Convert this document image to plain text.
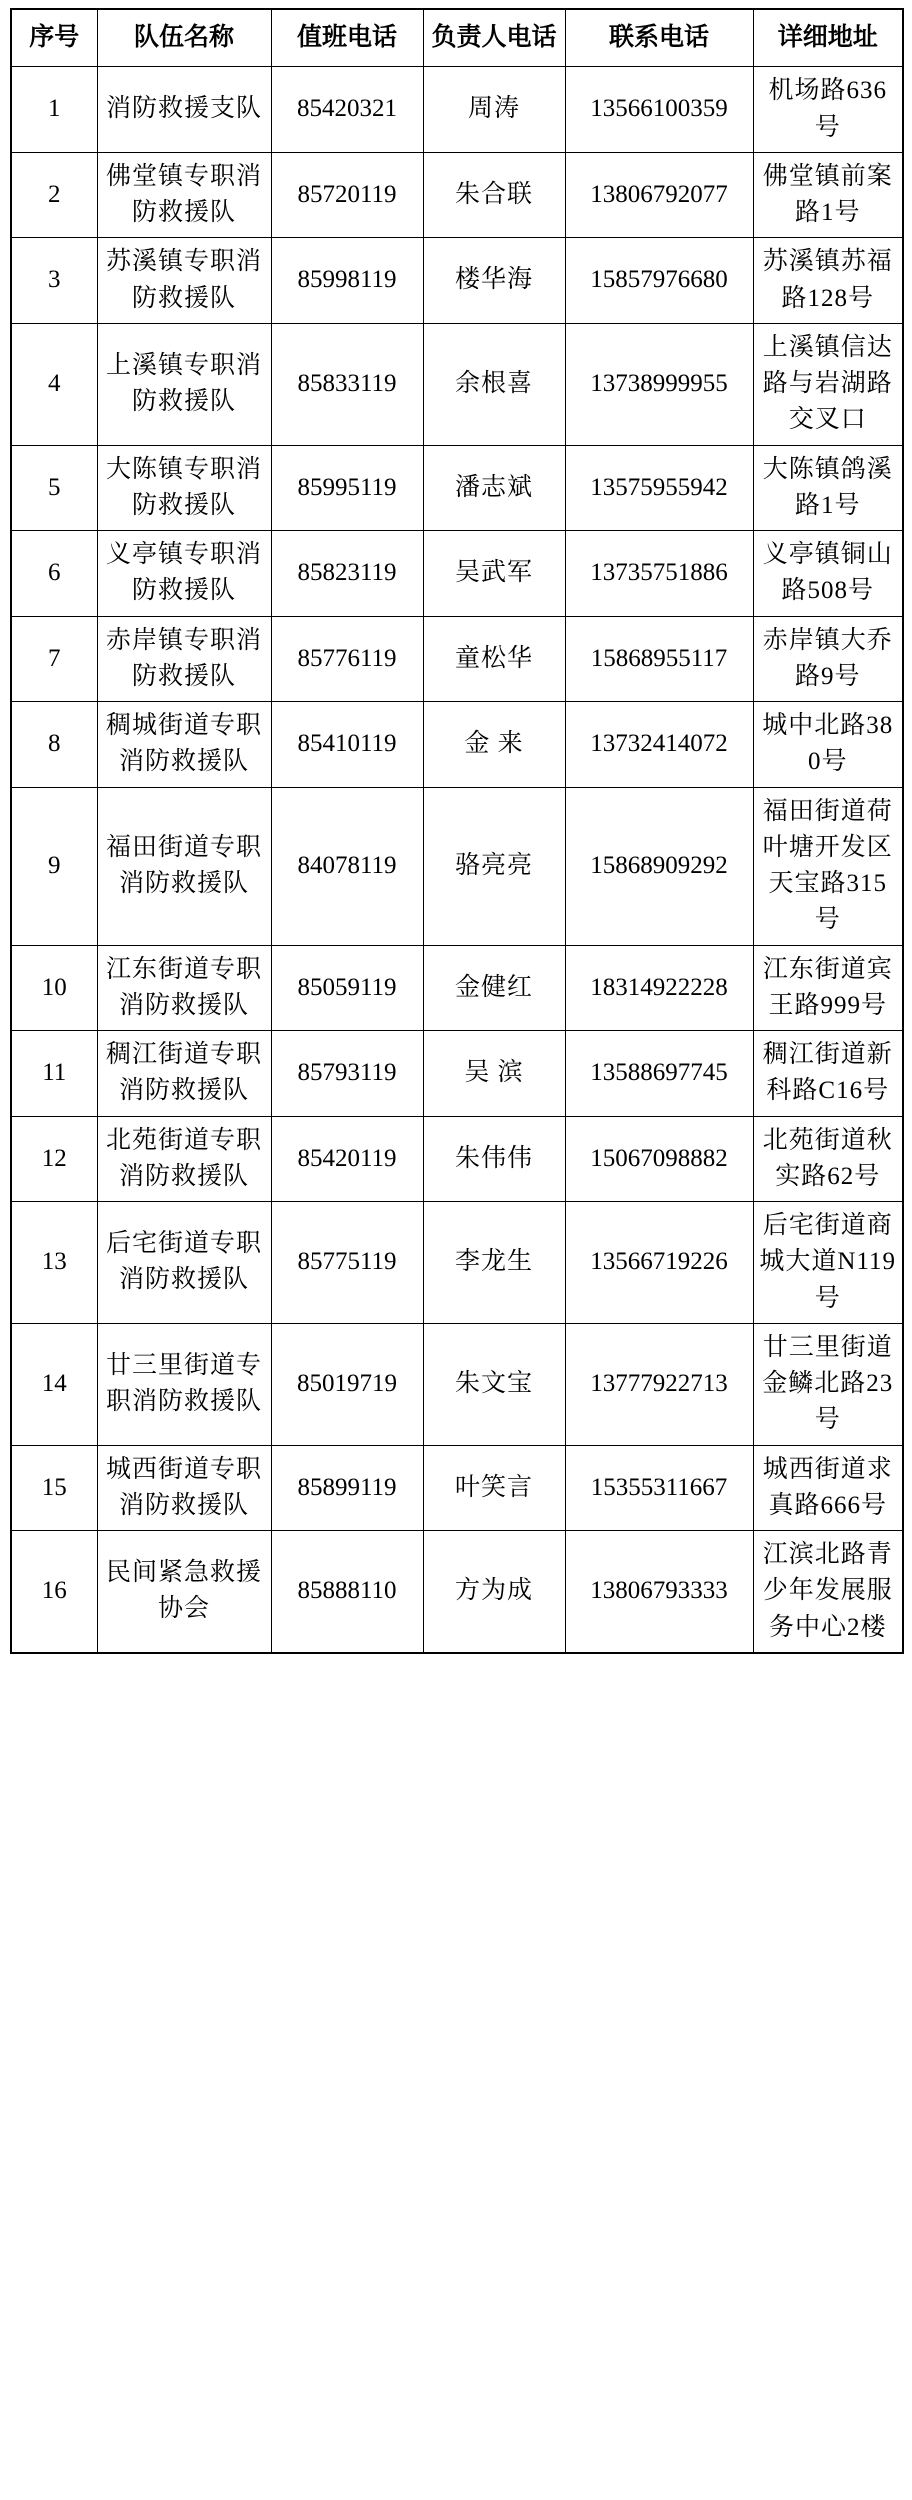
序号	队伍名称	值班电话	负责人电话	联系电话	详细地址
1	消防救援支队	85420321	周涛	13566100359	机场路636号
2	佛堂镇专职消防救援队	85720119	朱合联	13806792077	佛堂镇前案路1号
3	苏溪镇专职消防救援队	85998119	楼华海	15857976680	苏溪镇苏福路128号
4	上溪镇专职消防救援队	85833119	余根喜	13738999955	上溪镇信达路与岩湖路交叉口
5	大陈镇专职消防救援队	85995119	潘志斌	13575955942	大陈镇鸽溪路1号
6	义亭镇专职消防救援队	85823119	吴武军	13735751886	义亭镇铜山路508号
7	赤岸镇专职消防救援队	85776119	童松华	15868955117	赤岸镇大乔路9号
8	稠城街道专职消防救援队	85410119	金 来	13732414072	城中北路380号
9	福田街道专职消防救援队	84078119	骆亮亮	15868909292	福田街道荷叶塘开发区天宝路315号
10	江东街道专职消防救援队	85059119	金健红	18314922228	江东街道宾王路999号
11	稠江街道专职消防救援队	85793119	吴 滨	13588697745	稠江街道新科路C16号
12	北苑街道专职消防救援队	85420119	朱伟伟	15067098882	北苑街道秋实路62号
13	后宅街道专职消防救援队	85775119	李龙生	13566719226	后宅街道商城大道N119号
14	廿三里街道专职消防救援队	85019719	朱文宝	13777922713	廿三里街道金鳞北路23号
15	城西街道专职消防救援队	85899119	叶笑言	15355311667	城西街道求真路666号
16	民间紧急救援协会	85888110	方为成	13806793333	江滨北路青少年发展服务中心2楼
